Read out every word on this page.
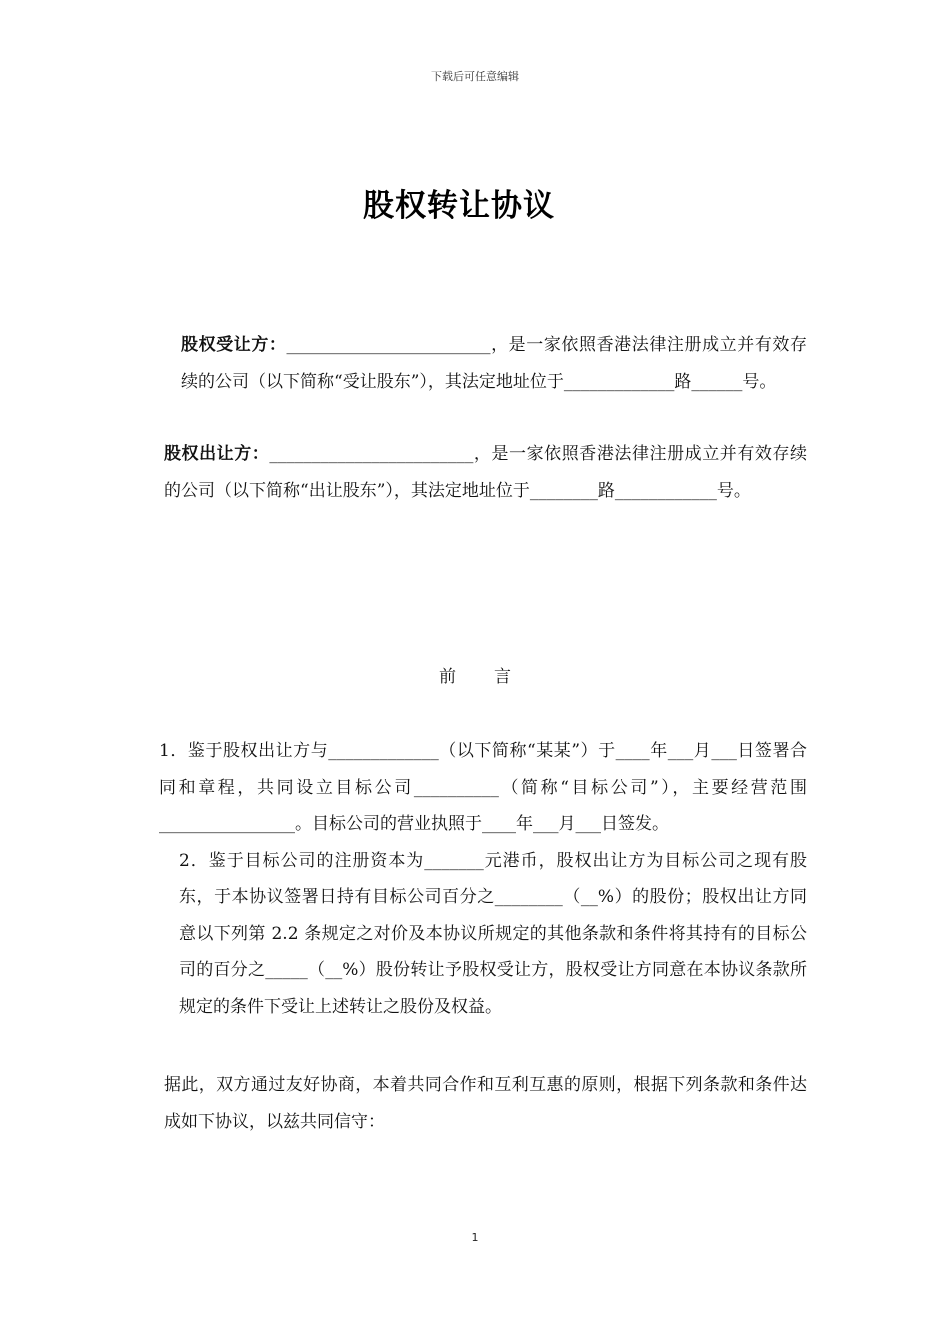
下载后可任意编辑
股权转让协议

股权受让方：________________________，是一家依照香港法律注册成立并有效存续的公司（以下简称“受让股东”），其法定地址位于_____________路______号。

股权出让方：________________________，是一家依照香港法律注册成立并有效存续的公司（以下简称“出让股东”），其法定地址位于________路____________号。

前 言

1．鉴于股权出让方与_____________（以下简称“某某”）于____年___月___日签署合同和章程，共同设立目标公司__________（简称“目标公司”），主要经营范围________________。目标公司的营业执照于____年___月___日签发。

2．鉴于目标公司的注册资本为_______元港币，股权出让方为目标公司之现有股东，于本协议签署日持有目标公司百分之________（__%）的股份；股权出让方同意以下列第 2.2 条规定之对价及本协议所规定的其他条款和条件将其持有的目标公司的百分之_____（__%）股份转让予股权受让方，股权受让方同意在本协议条款所规定的条件下受让上述转让之股份及权益。

据此，双方通过友好协商，本着共同合作和互利互惠的原则，根据下列条款和条件达成如下协议，以兹共同信守：

1
